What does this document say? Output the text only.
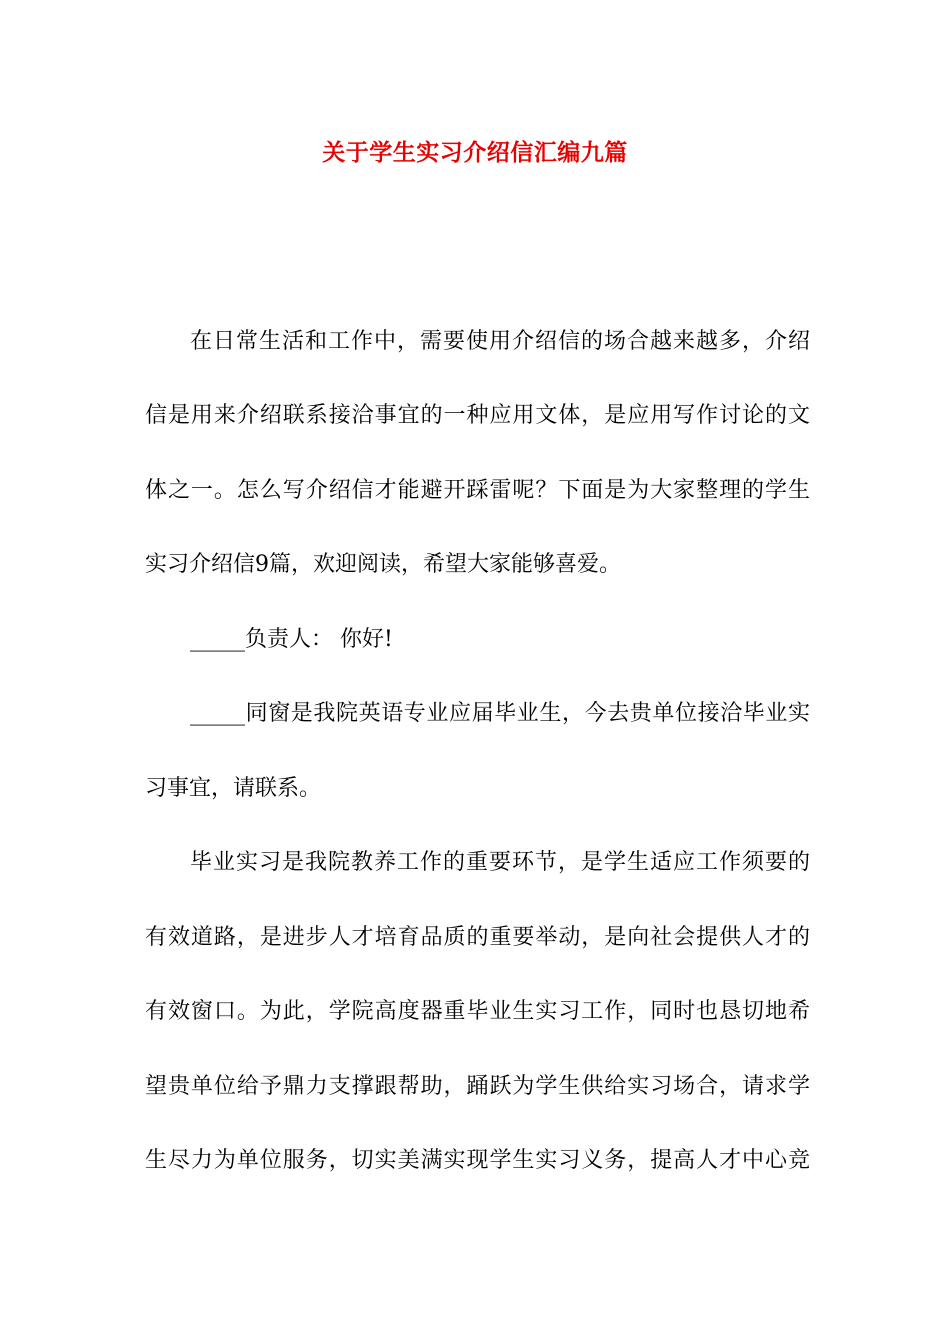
关于学生实习介绍信汇编九篇
在日常生活和工作中，需要使用介绍信的场合越来越多，介绍
信是用来介绍联系接洽事宜的一种应用文体，是应用写作讨论的文
体之一。怎么写介绍信才能避开踩雷呢？下面是为大家整理的学生
实习介绍信9篇，欢迎阅读，希望大家能够喜爱。
_____负责人： 你好!
_____同窗是我院英语专业应届毕业生，今去贵单位接洽毕业实
习事宜，请联系。
毕业实习是我院教养工作的重要环节，是学生适应工作须要的
有效道路，是进步人才培育品质的重要举动，是向社会提供人才的
有效窗口。为此，学院高度器重毕业生实习工作，同时也恳切地希
望贵单位给予鼎力支撑跟帮助，踊跃为学生供给实习场合，请求学
生尽力为单位服务，切实美满实现学生实习义务，提高人才中心竞
